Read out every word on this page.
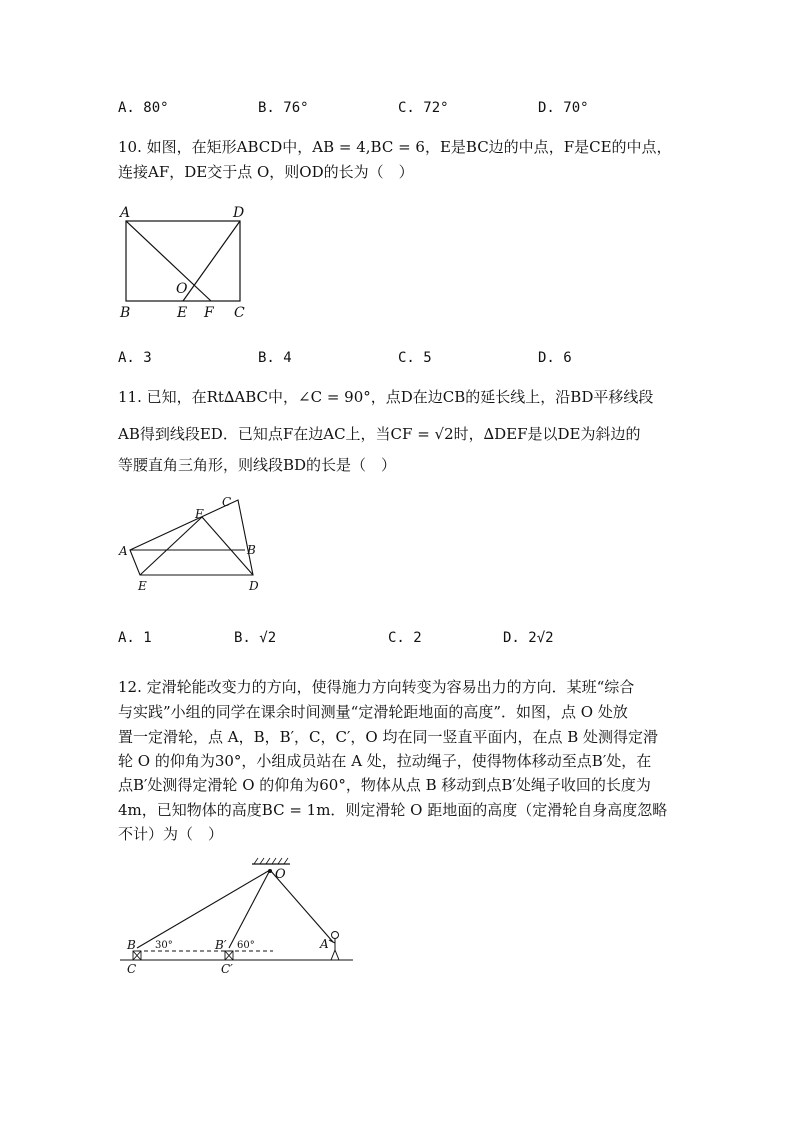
A. 80°	B. 76°	C. 72°	D. 70°
10. 如图，在矩形ABCD中，AB = 4,BC = 6，E是BC边的中点，F是CE的中点，
连接AF，DE交于点 O，则OD的长为（　）
A	D
O
B	E F C
A. 3	B. 4	C. 5	D. 6
11. 已知，在Rt∆ABC中，∠C = 90°，点D在边CB的延长线上，沿BD平移线段
AB得到线段ED．已知点F在边AC上，当CF = √2时，∆DEF是以DE为斜边的
等腰直角三角形，则线段BD的长是（　）
F
C
A	B
E	D
A. 1	B. √2	C. 2	D. 2√2
12. 定滑轮能改变力的方向，使得施力方向转变为容易出力的方向．某班“综合
与实践”小组的同学在课余时间测量“定滑轮距地面的高度”．如图，点 O 处放
置一定滑轮，点 A，B，B′，C，C′，O 均在同一竖直平面内，在点 B 处测得定滑
轮 O 的仰角为30°，小组成员站在 A 处，拉动绳子，使得物体移动至点B′处，在
点B′处测得定滑轮 O 的仰角为60°，物体从点 B 移动到点B′处绳子收回的长度为
4m，已知物体的高度BC = 1m．则定滑轮 O 距地面的高度（定滑轮自身高度忽略
不计）为（　）
O
A
B	B′
C	C′
30°	60°
